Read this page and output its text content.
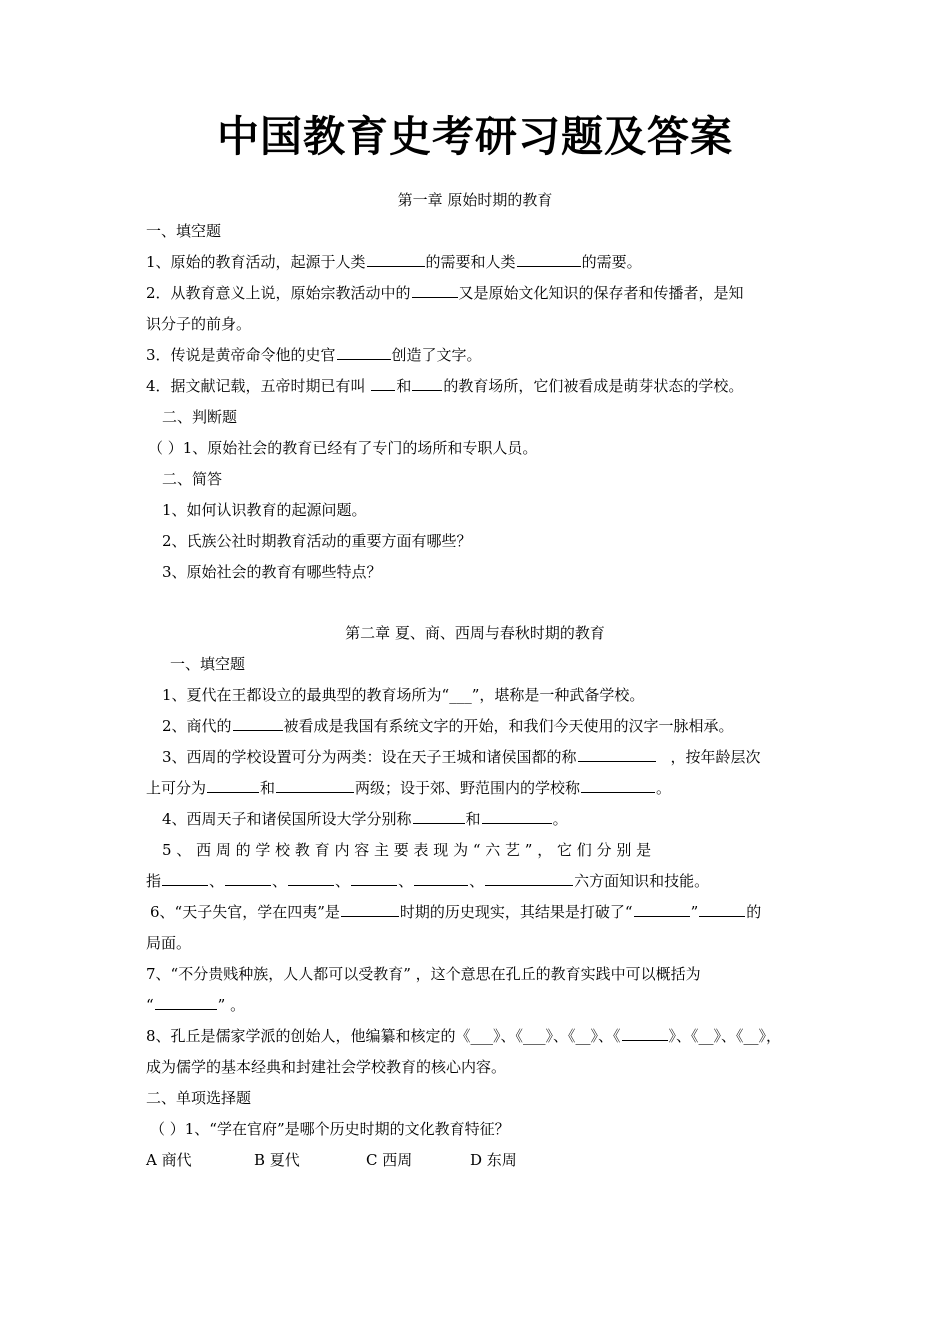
中国教育史考研习题及答案
第一章 原始时期的教育
一、填空题
1、原始的教育活动，起源于人类	的需要和人类	的需要。
2．从教育意义上说，原始宗教活动中的	又是原始文化知识的保存者和传播者，是知
识分子的前身。
3．传说是黄帝命令他的史官	创造了文字。
4．据文献记载，五帝时期已有叫 和 的教育场所，它们被看成是萌芽状态的学校。
二、判断题
（ ）1、原始社会的教育已经有了专门的场所和专职人员。
二、简答
1、如何认识教育的起源问题。
2、氏族公社时期教育活动的重要方面有哪些？
3、原始社会的教育有哪些特点？
第二章 夏、商、西周与春秋时期的教育
一、填空题
1、夏代在王都设立的最典型的教育场所为“___”，堪称是一种武备学校。
2、商代的	被看成是我国有系统文字的开始，和我们今天使用的汉字一脉相承。
3、西周的学校设置可分为两类：设在天子王城和诸侯国都的称	，按年龄层次
上可分为	和	两级；设于郊、野范围内的学校称	。
4、西周天子和诸侯国所设大学分别称	和	。
5 、 西 周 的 学 校 教 育 内 容 主 要 表 现 为 “ 六 艺 ” ， 它 们 分 别 是
指	、	、	、	、	、	六方面知识和技能。
6、“天子失官，学在四夷”是	时期的历史现实，其结果是打破了“	”	的
局面。
7、“不分贵贱种族，人人都可以受教育” ，这个意思在孔丘的教育实践中可以概括为
“	” 。
8、孔丘是儒家学派的创始人，他编纂和核定的《___》、《___》、《__》、《	》、《__》、《__》，
成为儒学的基本经典和封建社会学校教育的核心内容。
二、单项选择题
（ ）1、“学在官府”是哪个历史时期的文化教育特征？
A 商代	B 夏代	C 西周	D 东周
